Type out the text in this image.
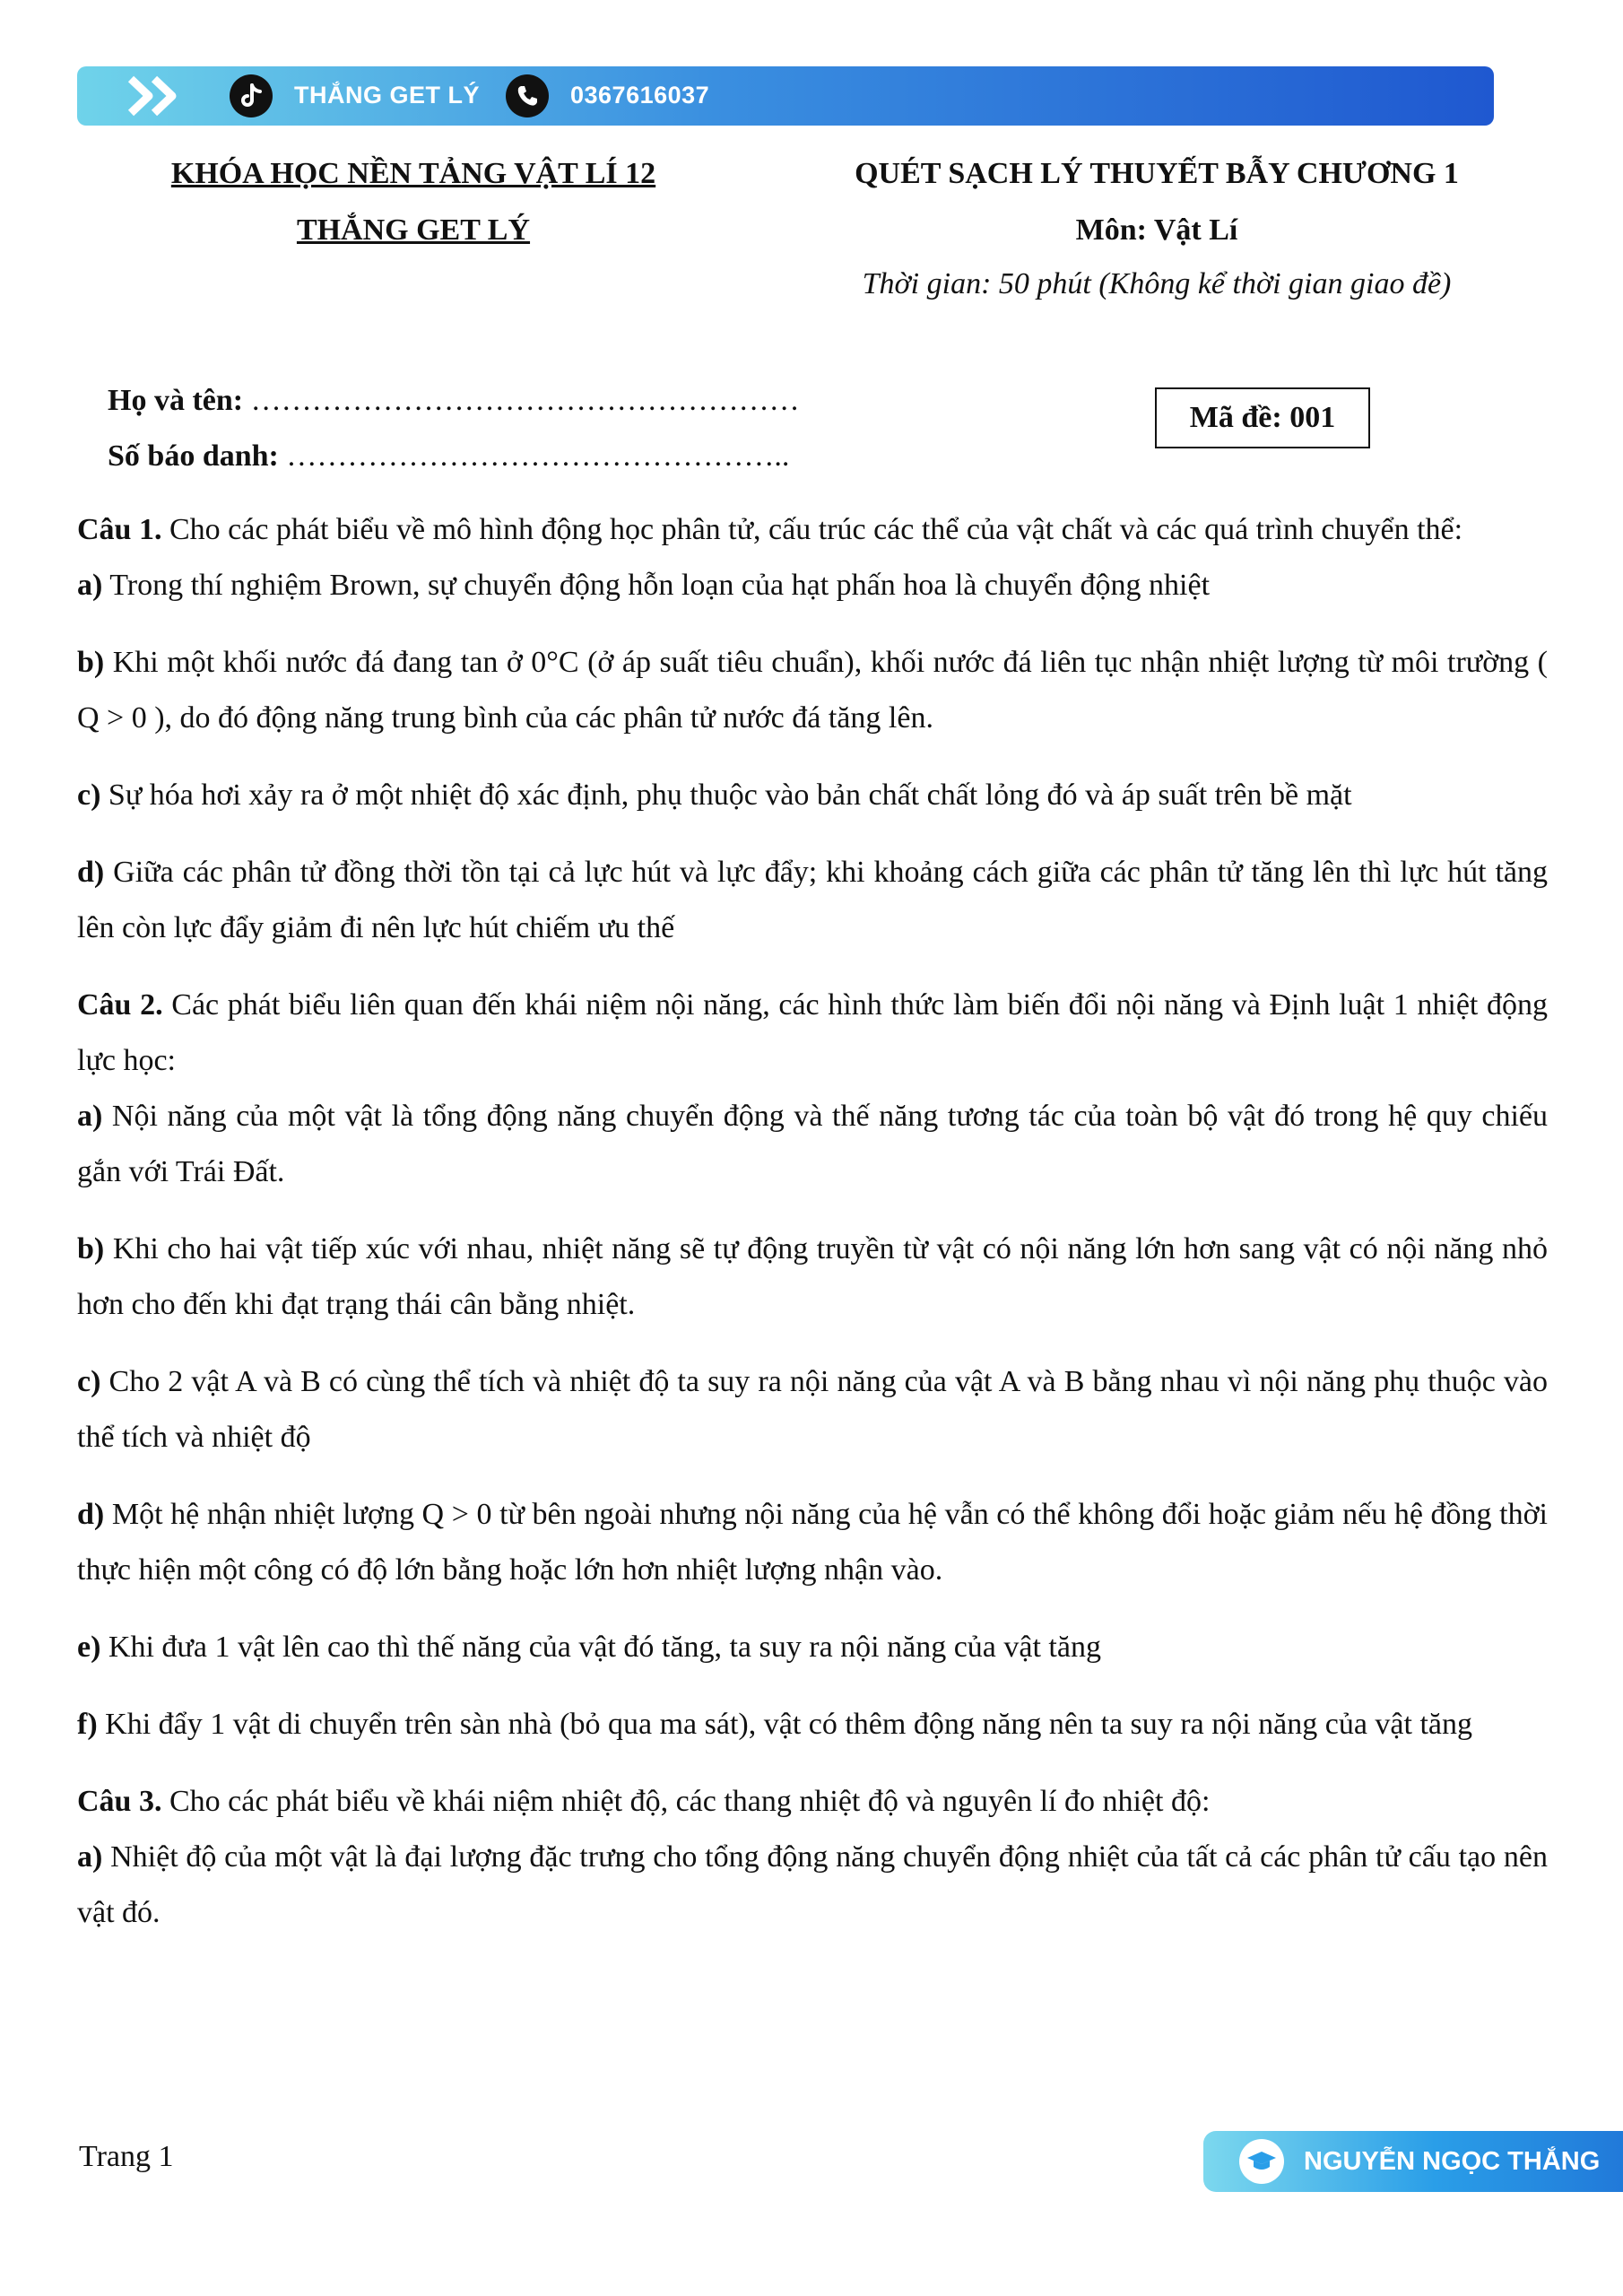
THẮNG GET LÝ	0367616037
KHÓA HỌC NỀN TẢNG VẬT LÍ 12
THẮNG GET LÝ
QUÉT SẠCH LÝ THUYẾT BẪY CHƯƠNG 1
Môn: Vật Lí
Thời gian: 50 phút (Không kể thời gian giao đề)
Họ và tên: ………………………………………………
Số báo danh: …………………………………………..
Mã đề: 001

Câu 1. Cho các phát biểu về mô hình động học phân tử, cấu trúc các thể của vật chất và các quá trình chuyển thể:

a) Trong thí nghiệm Brown, sự chuyển động hỗn loạn của hạt phấn hoa là chuyển động nhiệt

b) Khi một khối nước đá đang tan ở 0°C (ở áp suất tiêu chuẩn), khối nước đá liên tục nhận nhiệt lượng từ môi trường ( Q > 0 ), do đó động năng trung bình của các phân tử nước đá tăng lên.

c) Sự hóa hơi xảy ra ở một nhiệt độ xác định, phụ thuộc vào bản chất chất lỏng đó và áp suất trên bề mặt

d) Giữa các phân tử đồng thời tồn tại cả lực hút và lực đẩy; khi khoảng cách giữa các phân tử tăng lên thì lực hút tăng lên còn lực đẩy giảm đi nên lực hút chiếm ưu thế

Câu 2. Các phát biểu liên quan đến khái niệm nội năng, các hình thức làm biến đổi nội năng và Định luật 1 nhiệt động lực học:

a) Nội năng của một vật là tổng động năng chuyển động và thế năng tương tác của toàn bộ vật đó trong hệ quy chiếu gắn với Trái Đất.

b) Khi cho hai vật tiếp xúc với nhau, nhiệt năng sẽ tự động truyền từ vật có nội năng lớn hơn sang vật có nội năng nhỏ hơn cho đến khi đạt trạng thái cân bằng nhiệt.

c) Cho 2 vật A và B có cùng thể tích và nhiệt độ ta suy ra nội năng của vật A và B bằng nhau vì nội năng phụ thuộc vào thể tích và nhiệt độ

d) Một hệ nhận nhiệt lượng Q > 0 từ bên ngoài nhưng nội năng của hệ vẫn có thể không đổi hoặc giảm nếu hệ đồng thời thực hiện một công có độ lớn bằng hoặc lớn hơn nhiệt lượng nhận vào.

e) Khi đưa 1 vật lên cao thì thế năng của vật đó tăng, ta suy ra nội năng của vật tăng

f) Khi đẩy 1 vật di chuyển trên sàn nhà (bỏ qua ma sát), vật có thêm động năng nên ta suy ra nội năng của vật tăng

Câu 3. Cho các phát biểu về khái niệm nhiệt độ, các thang nhiệt độ và nguyên lí đo nhiệt độ:

a) Nhiệt độ của một vật là đại lượng đặc trưng cho tổng động năng chuyển động nhiệt của tất cả các phân tử cấu tạo nên vật đó.

Trang 1	NGUYỄN NGỌC THẮNG
